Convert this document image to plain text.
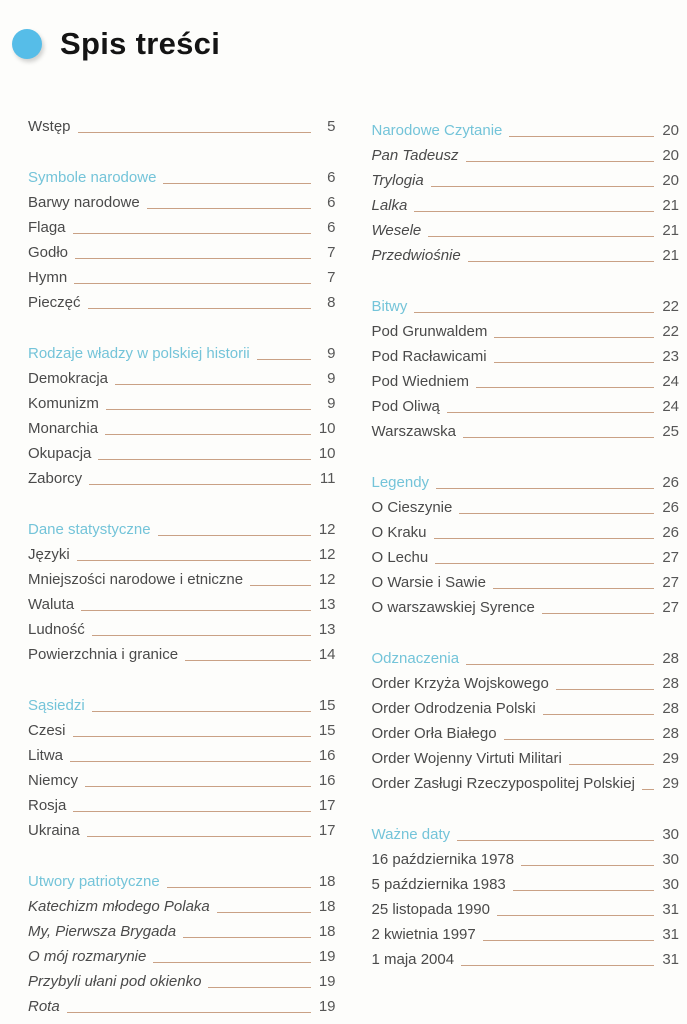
Spis treści
Wstęp	5
Symbole narodowe	6
Barwy narodowe	6
Flaga	6
Godło	7
Hymn	7
Pieczęć	8
Rodzaje władzy w polskiej historii	9
Demokracja	9
Komunizm	9
Monarchia	10
Okupacja	10
Zaborcy	11
Dane statystyczne	12
Języki	12
Mniejszości narodowe i etniczne	12
Waluta	13
Ludność	13
Powierzchnia i granice	14
Sąsiedzi	15
Czesi	15
Litwa	16
Niemcy	16
Rosja	17
Ukraina	17
Utwory patriotyczne	18
Katechizm młodego Polaka	18
My, Pierwsza Brygada	18
O mój rozmarynie	19
Przybyli ułani pod okienko	19
Rota	19
Narodowe Czytanie	20
Pan Tadeusz	20
Trylogia	20
Lalka	21
Wesele	21
Przedwiośnie	21
Bitwy	22
Pod Grunwaldem	22
Pod Racławicami	23
Pod Wiedniem	24
Pod Oliwą	24
Warszawska	25
Legendy	26
O Cieszynie	26
O Kraku	26
O Lechu	27
O Warsie i Sawie	27
O warszawskiej Syrence	27
Odznaczenia	28
Order Krzyża Wojskowego	28
Order Odrodzenia Polski	28
Order Orła Białego	28
Order Wojenny Virtuti Militari	29
Order Zasługi Rzeczypospolitej Polskiej 29
Ważne daty	30
16 października 1978	30
5 października 1983	30
25 listopada 1990	31
2 kwietnia 1997	31
1 maja 2004	31
